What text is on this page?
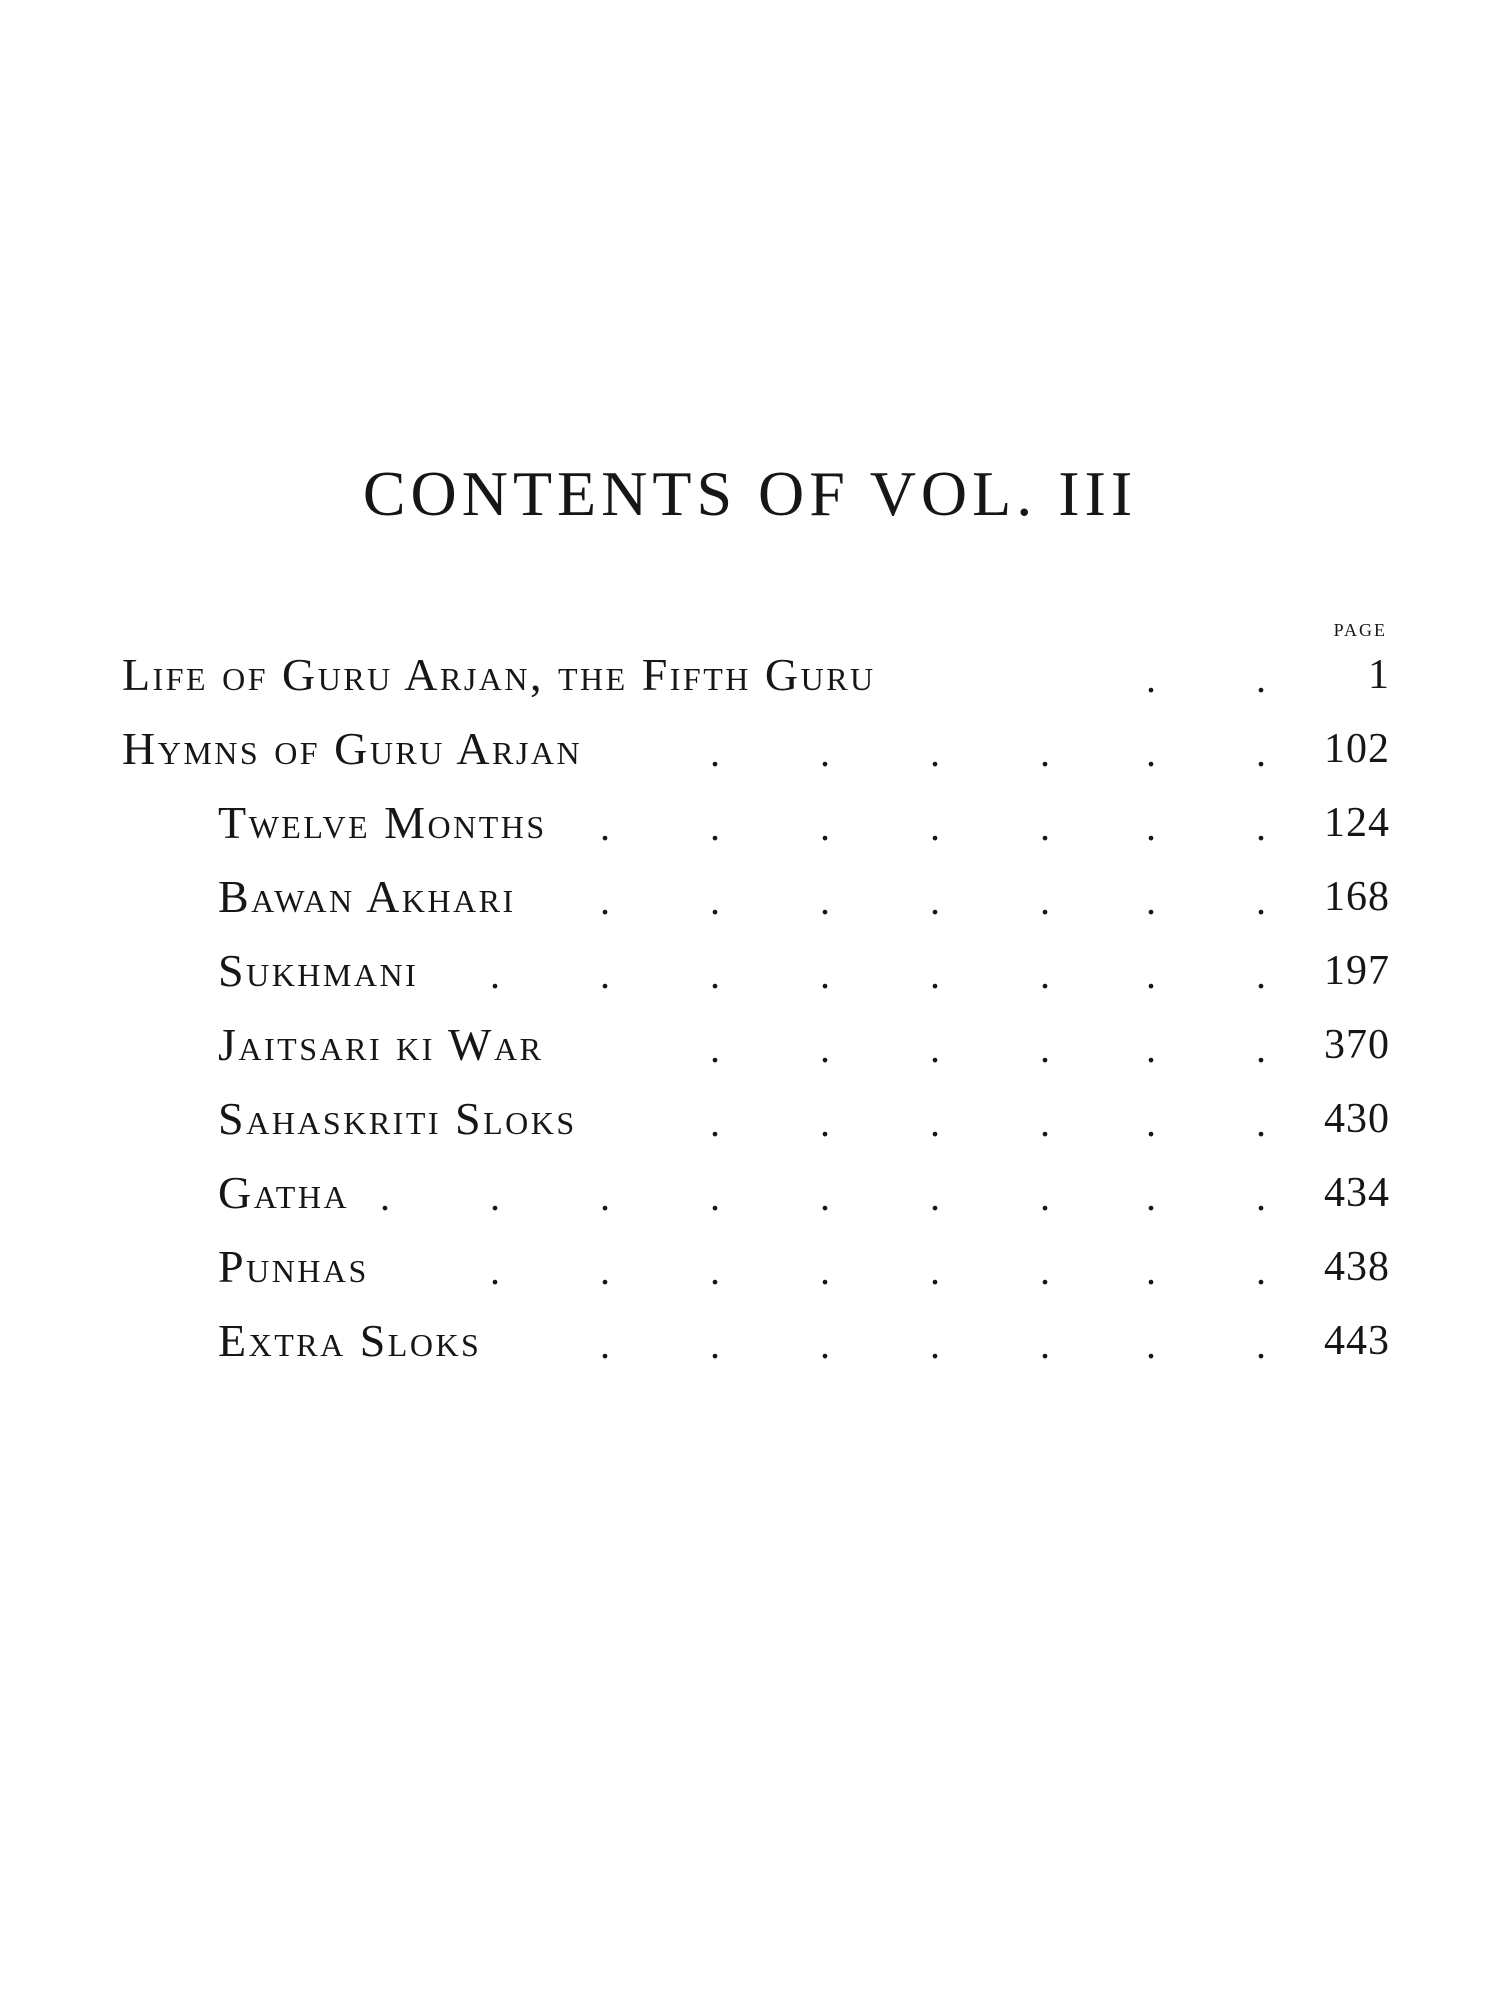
CONTENTS OF VOL. III
page
Life of Guru Arjan, the Fifth Guru	.	. 1
Hymns of Guru Arjan	.	.	.	. .	. 102
Twelve Months .	.	.	.	. .	. 124
Bawan Akhari .	.	.	.	. .	. 168
Sukhmani .	.	.	.	.	. .	. 197
Jaitsari ki War	.	.	.	. .	. 370
Sahaskriti Sloks	.	.	.	. .	. 430
Gatha .	.	.	.	.	.	. .	. 434
Punhas	.	.	.	.	.	. .	. 438
Extra Sloks	.	.	.	.	. .	. 443
